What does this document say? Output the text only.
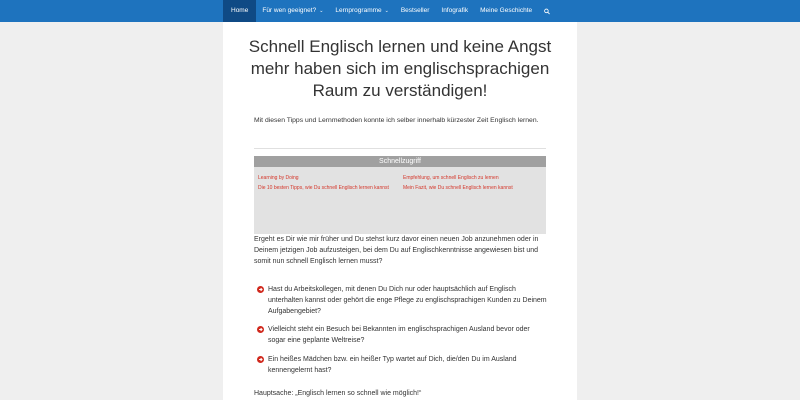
Home	Für wen geeignet? ⌄	Lernprogramme ⌄	Bestseller	Infografik	Meine Geschichte
Schnell Englisch lernen und keine Angst mehr haben sich im englischsprachigen Raum zu verständigen!

Mit diesen Tipps und Lernmethoden konnte ich selber innerhalb kürzester Zeit Englisch lernen.

Schnellzugriff
Learning by Doing
Die 10 besten Tipps, wie Du schnell Englisch lernen kannst
Empfehlung, um schnell Englisch zu lernen
Mein Fazit, wie Du schnell Englisch lernen kannst

Ergeht es Dir wie mir früher und Du stehst kurz davor einen neuen Job anzunehmen oder in Deinem jetzigen Job aufzusteigen, bei dem Du auf Englischkenntnisse angewiesen bist und somit nun schnell Englisch lernen musst?

Hast du Arbeitskollegen, mit denen Du Dich nur oder hauptsächlich auf Englisch unterhalten kannst oder gehört die enge Pflege zu englischsprachigen Kunden zu Deinem Aufgabengebiet?
Vielleicht steht ein Besuch bei Bekannten im englischsprachigen Ausland bevor oder sogar eine geplante Weltreise?
Ein heißes Mädchen bzw. ein heißer Typ wartet auf Dich, die/den Du im Ausland kennengelernt hast?

Hauptsache: „Englisch lernen so schnell wie möglich!“
